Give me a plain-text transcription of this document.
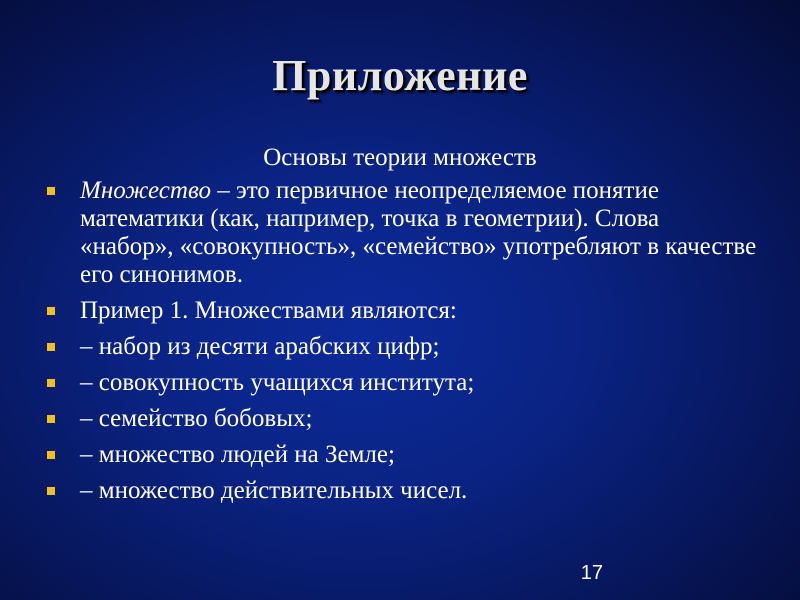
Приложение
Основы теории множеств
Множество – это первичное неопределяемое понятие математики (как, например, точка в геометрии). Слова «набор», «совокупность», «семейство» употребляют в качестве его синонимов.
Пример 1. Множествами являются:
– набор из десяти арабских цифр;
– совокупность учащихся института;
– семейство бобовых;
– множество людей на Земле;
– множество действительных чисел.
17
